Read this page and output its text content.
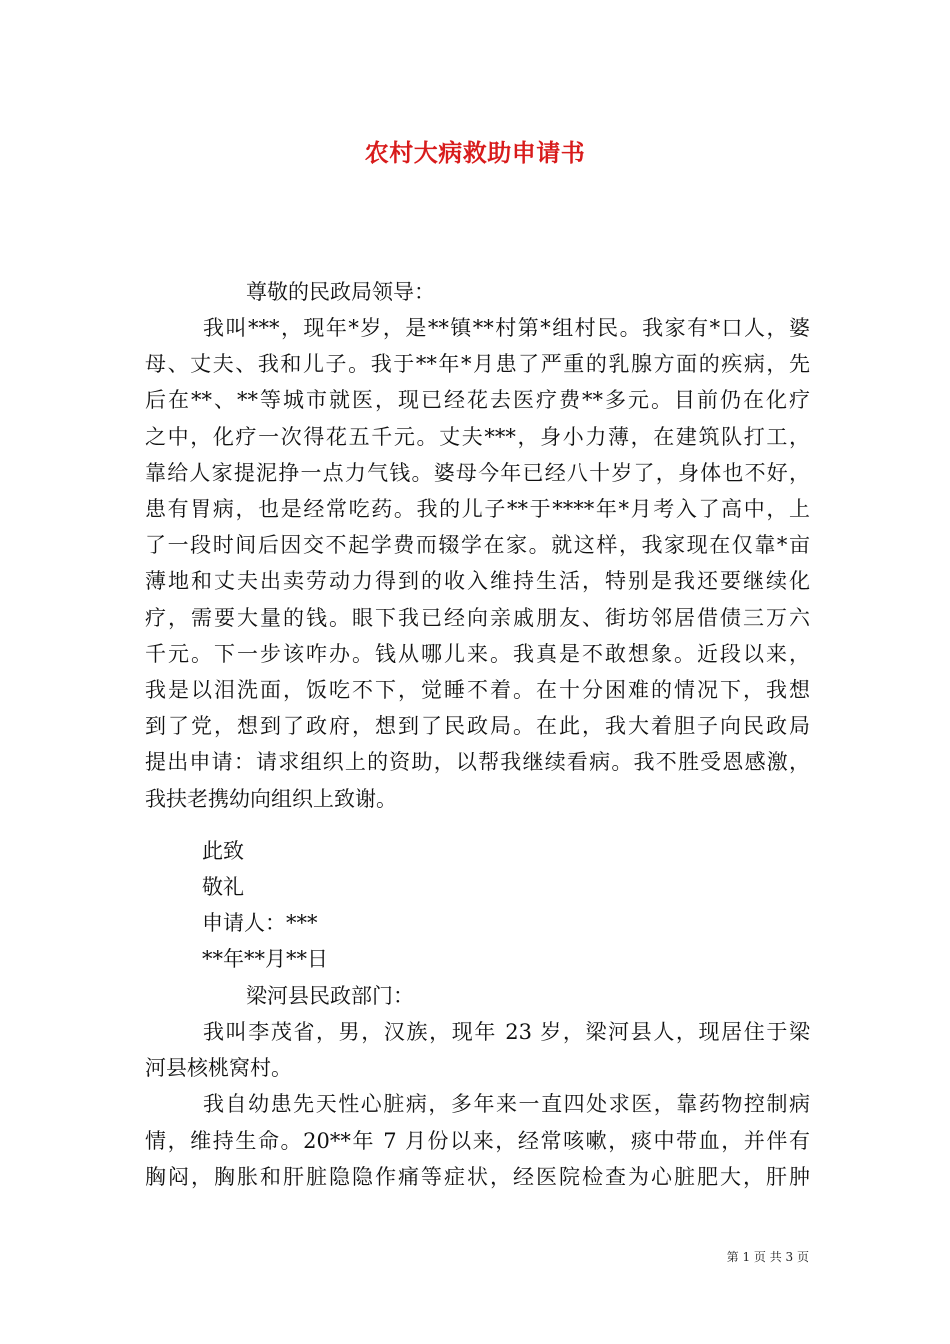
农村大病救助申请书
尊敬的民政局领导：
我叫***，现年*岁，是**镇**村第*组村民。我家有*口人，婆
母、丈夫、我和儿子。我于**年*月患了严重的乳腺方面的疾病，先
后在**、**等城市就医，现已经花去医疗费**多元。目前仍在化疗
之中，化疗一次得花五千元。丈夫***，身小力薄，在建筑队打工，
靠给人家提泥挣一点力气钱。婆母今年已经八十岁了，身体也不好，
患有胃病，也是经常吃药。我的儿子**于****年*月考入了高中，上
了一段时间后因交不起学费而辍学在家。就这样，我家现在仅靠*亩
薄地和丈夫出卖劳动力得到的收入维持生活，特别是我还要继续化
疗，需要大量的钱。眼下我已经向亲戚朋友、街坊邻居借债三万六
千元。下一步该咋办。钱从哪儿来。我真是不敢想象。近段以来，
我是以泪洗面，饭吃不下，觉睡不着。在十分困难的情况下，我想
到了党，想到了政府，想到了民政局。在此，我大着胆子向民政局
提出申请：请求组织上的资助，以帮我继续看病。我不胜受恩感激，
我扶老携幼向组织上致谢。
此致
敬礼
申请人：***
**年**月**日
梁河县民政部门：
我叫李茂省，男，汉族，现年 23 岁，梁河县人，现居住于梁
河县核桃窝村。
我自幼患先天性心脏病，多年来一直四处求医，靠药物控制病
情，维持生命。20**年 7 月份以来，经常咳嗽，痰中带血，并伴有
胸闷，胸胀和肝脏隐隐作痛等症状，经医院检查为心脏肥大，肝肿
第 1 页 共 3 页
